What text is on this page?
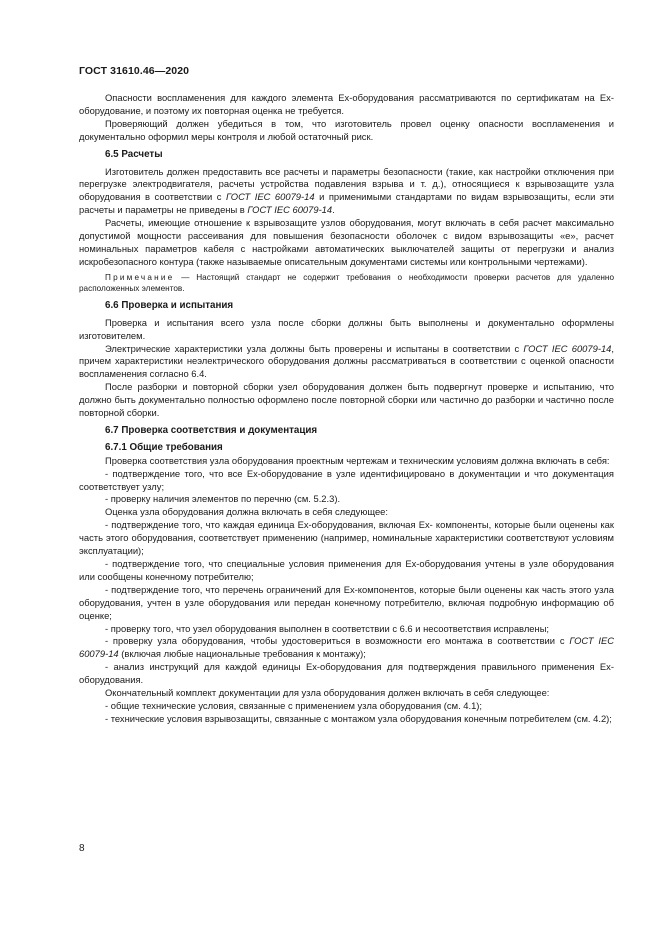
ГОСТ 31610.46—2020

Опасности воспламенения для каждого элемента Ех-оборудования рассматриваются по сертификатам на Ех-оборудование, и поэтому их повторная оценка не требуется.

Проверяющий должен убедиться в том, что изготовитель провел оценку опасности воспламенения и документально оформил меры контроля и любой остаточный риск.

6.5 Расчеты

Изготовитель должен предоставить все расчеты и параметры безопасности (такие, как настройки отключения при перегрузке электродвигателя, расчеты устройства подавления взрыва и т. д.), относящиеся к взрывозащите узла оборудования в соответствии с ГОСТ IEC 60079-14 и применимыми стандартами по видам взрывозащиты, если эти расчеты и параметры не приведены в ГОСТ IEC 60079-14.

Расчеты, имеющие отношение к взрывозащите узлов оборудования, могут включать в себя расчет максимально допустимой мощности рассеивания для повышения безопасности оболочек с видом взрывозащиты «е», расчет номинальных параметров кабеля с настройками автоматических выключателей защиты от перегрузки и анализ искробезопасного контура (также называемые описательным документами системы или контрольными чертежами).

Примечание — Настоящий стандарт не содержит требования о необходимости проверки расчетов для удаленно расположенных элементов.

6.6 Проверка и испытания

Проверка и испытания всего узла после сборки должны быть выполнены и документально оформлены изготовителем.

Электрические характеристики узла должны быть проверены и испытаны в соответствии с ГОСТ IEC 60079-14, причем характеристики неэлектрического оборудования должны рассматриваться в соответствии с оценкой опасности воспламенения согласно 6.4.

После разборки и повторной сборки узел оборудования должен быть подвергнут проверке и испытанию, что должно быть документально полностью оформлено после повторной сборки или частично до разборки и частично после повторной сборки.

6.7 Проверка соответствия и документация
6.7.1 Общие требования

Проверка соответствия узла оборудования проектным чертежам и техническим условиям должна включать в себя:

- подтверждение того, что все Ех-оборудование в узле идентифицировано в документации и что документация соответствует узлу;

- проверку наличия элементов по перечню (см. 5.2.3).

Оценка узла оборудования должна включать в себя следующее:

- подтверждение того, что каждая единица Ех-оборудования, включая Ех- компоненты, которые были оценены как часть этого оборудования, соответствует применению (например, номинальные характеристики соответствуют условиям эксплуатации);

- подтверждение того, что специальные условия применения для Ех-оборудования учтены в узле оборудования или сообщены конечному потребителю;

- подтверждение того, что перечень ограничений для Ех-компонентов, которые были оценены как часть этого узла оборудования, учтен в узле оборудования или передан конечному потребителю, включая подробную информацию об оценке;

- проверку того, что узел оборудования выполнен в соответствии с 6.6 и несоответствия исправлены;

- проверку узла оборудования, чтобы удостовериться в возможности его монтажа в соответствии с ГОСТ IEC 60079-14 (включая любые национальные требования к монтажу);

- анализ инструкций для каждой единицы Ех-оборудования для подтверждения правильного применения Ех-оборудования.

Окончательный комплект документации для узла оборудования должен включать в себя следующее:

- общие технические условия, связанные с применением узла оборудования (см. 4.1);

- технические условия взрывозащиты, связанные с монтажом узла оборудования конечным потребителем (см. 4.2);

8
